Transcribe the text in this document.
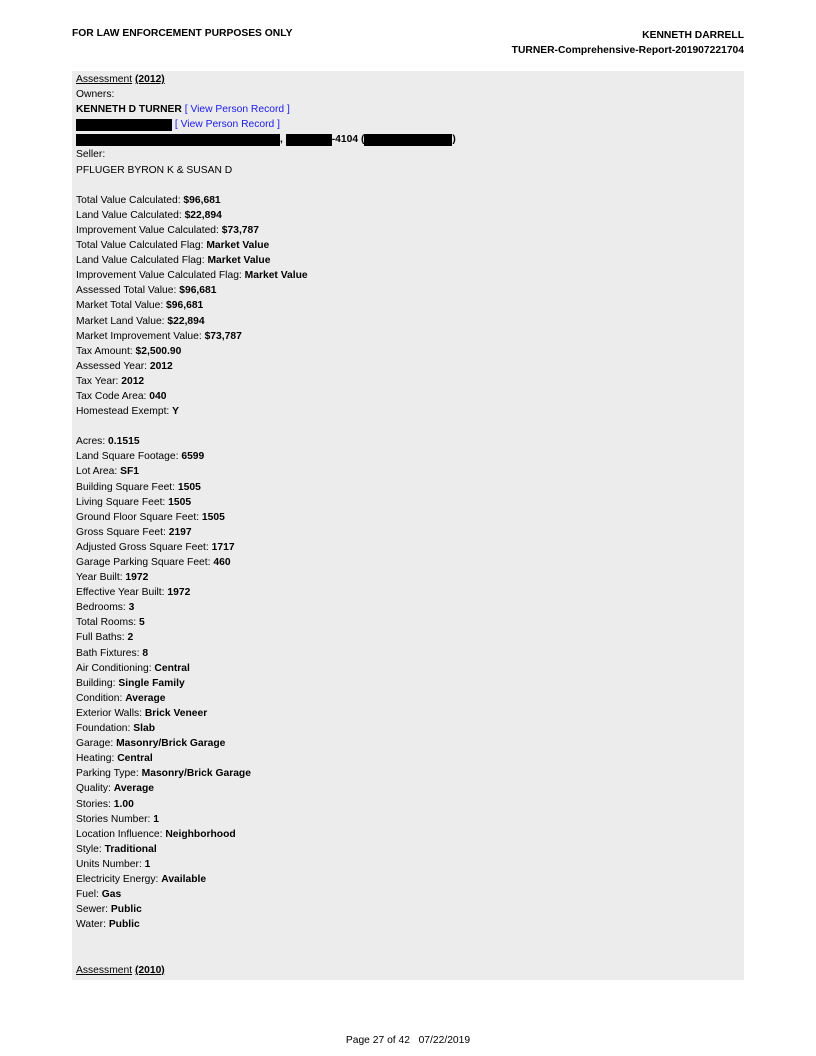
FOR LAW ENFORCEMENT PURPOSES ONLY	KENNETH DARRELL
TURNER-Comprehensive-Report-201907221704
Assessment (2012)
Owners:
KENNETH D TURNER [ View Person Record ]
[ View Person Record ]
,	-4104 (	)
Seller:
PFLUGER BYRON K & SUSAN D
Total Value Calculated: $96,681
Land Value Calculated: $22,894
Improvement Value Calculated: $73,787
Total Value Calculated Flag: Market Value
Land Value Calculated Flag: Market Value
Improvement Value Calculated Flag: Market Value
Assessed Total Value: $96,681
Market Total Value: $96,681
Market Land Value: $22,894
Market Improvement Value: $73,787
Tax Amount: $2,500.90
Assessed Year: 2012
Tax Year: 2012
Tax Code Area: 040
Homestead Exempt: Y
Acres: 0.1515
Land Square Footage: 6599
Lot Area: SF1
Building Square Feet: 1505
Living Square Feet: 1505
Ground Floor Square Feet: 1505
Gross Square Feet: 2197
Adjusted Gross Square Feet: 1717
Garage Parking Square Feet: 460
Year Built: 1972
Effective Year Built: 1972
Bedrooms: 3
Total Rooms: 5
Full Baths: 2
Bath Fixtures: 8
Air Conditioning: Central
Building: Single Family
Condition: Average
Exterior Walls: Brick Veneer
Foundation: Slab
Garage: Masonry/Brick Garage
Heating: Central
Parking Type: Masonry/Brick Garage
Quality: Average
Stories: 1.00
Stories Number: 1
Location Influence: Neighborhood
Style: Traditional
Units Number: 1
Electricity Energy: Available
Fuel: Gas
Sewer: Public
Water: Public
Assessment (2010)
Page 27 of 42 07/22/2019
